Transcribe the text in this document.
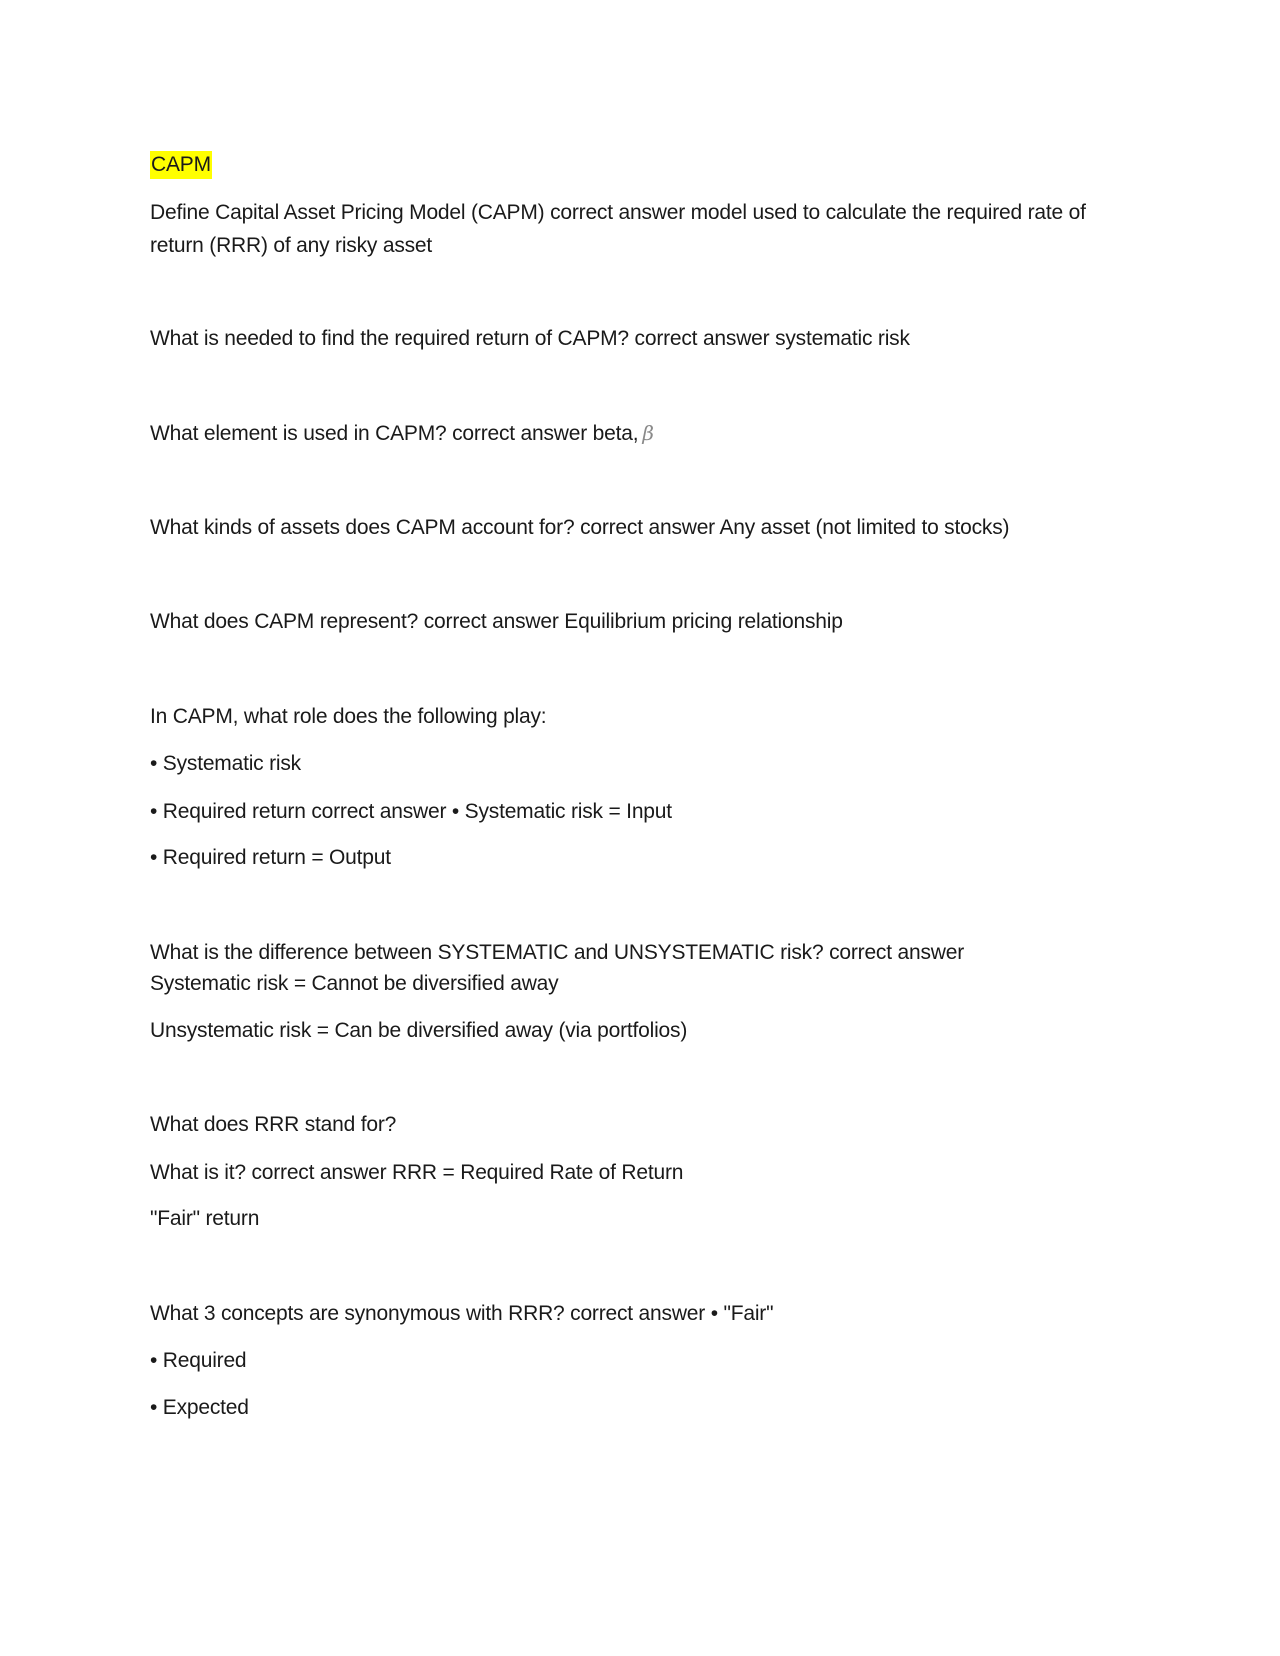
CAPM
Define Capital Asset Pricing Model (CAPM) correct answer model used to calculate the required rate of return (RRR) of any risky asset
What is needed to find the required return of CAPM? correct answer systematic risk
What element is used in CAPM? correct answer beta, β
What kinds of assets does CAPM account for? correct answer Any asset (not limited to stocks)
What does CAPM represent? correct answer Equilibrium pricing relationship
In CAPM, what role does the following play:
• Systematic risk
• Required return correct answer • Systematic risk = Input
• Required return = Output
What is the difference between SYSTEMATIC and UNSYSTEMATIC risk? correct answer
Systematic risk = Cannot be diversified away
Unsystematic risk = Can be diversified away (via portfolios)
What does RRR stand for?
What is it? correct answer RRR = Required Rate of Return
"Fair" return
What 3 concepts are synonymous with RRR? correct answer • "Fair"
• Required
• Expected
